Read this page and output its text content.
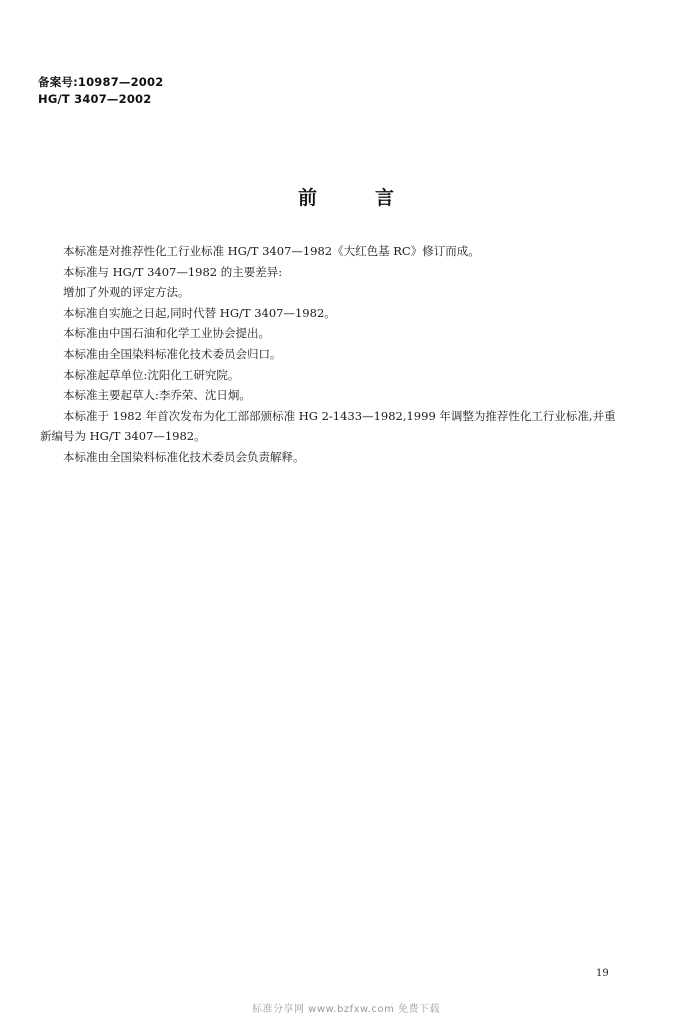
备案号:10987—2002
HG/T 3407—2002
前言

本标准是对推荐性化工行业标准 HG/T 3407—1982《大红色基 RC》修订而成。

本标准与 HG/T 3407—1982 的主要差异:

增加了外观的评定方法。

本标准自实施之日起,同时代替 HG/T 3407—1982。

本标准由中国石油和化学工业协会提出。

本标准由全国染料标准化技术委员会归口。

本标准起草单位:沈阳化工研究院。

本标准主要起草人:李乔荣、沈日炯。

本标准于 1982 年首次发布为化工部部颁标准 HG 2-1433—1982,1999 年调整为推荐性化工行业标准,并重新编号为 HG/T 3407—1982。

本标准由全国染料标准化技术委员会负责解释。

19
标准分享网 www.bzfxw.com 免费下载
